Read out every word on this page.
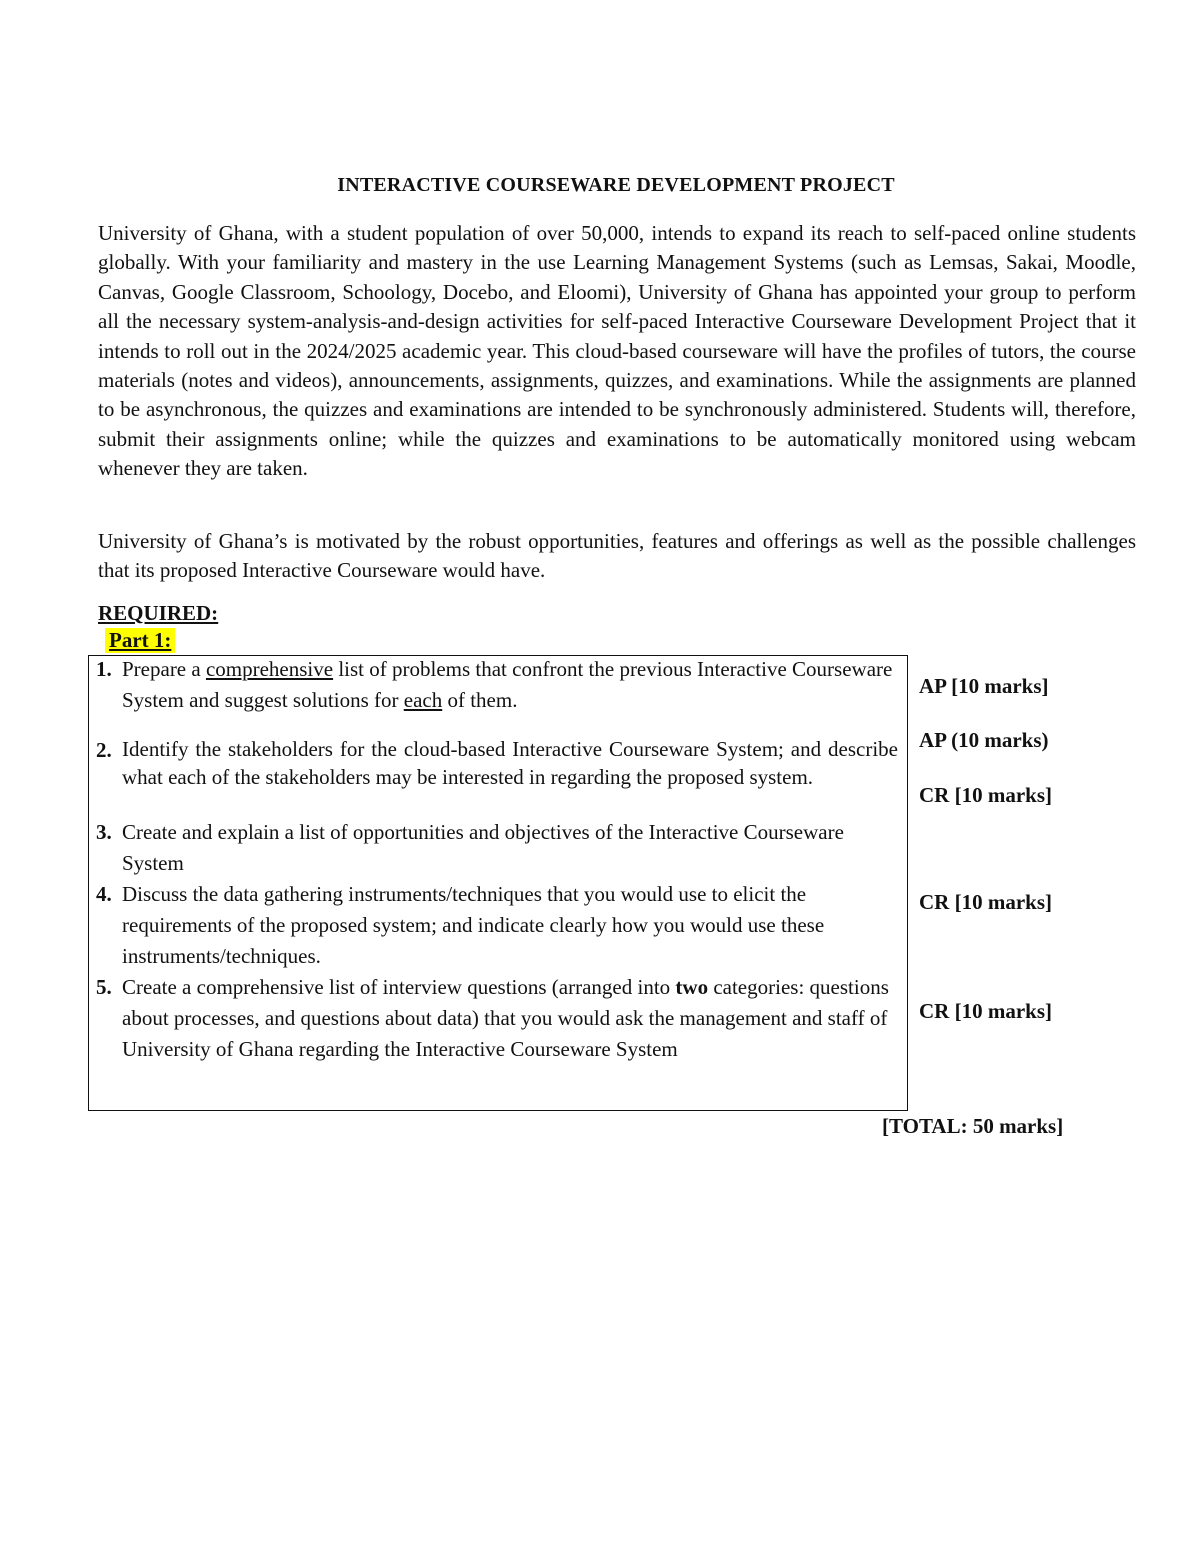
INTERACTIVE COURSEWARE DEVELOPMENT PROJECT

University of Ghana, with a student population of over 50,000, intends to expand its reach to self-paced online students globally. With your familiarity and mastery in the use Learning Management Systems (such as Lemsas, Sakai, Moodle, Canvas, Google Classroom, Schoology, Docebo, and Eloomi), University of Ghana has appointed your group to perform all the necessary system-analysis-and-design activities for self-paced Interactive Courseware Development Project that it intends to roll out in the 2024/2025 academic year. This cloud-based courseware will have the profiles of tutors, the course materials (notes and videos), announcements, assignments, quizzes, and examinations. While the assignments are planned to be asynchronous, the quizzes and examinations are intended to be synchronously administered. Students will, therefore, submit their assignments online; while the quizzes and examinations to be automatically monitored using webcam whenever they are taken.

University of Ghana’s is motivated by the robust opportunities, features and offerings as well as the possible challenges that its proposed Interactive Courseware would have.

REQUIRED:
Part 1:
1. Prepare a comprehensive list of problems that confront the previous Interactive Courseware System and suggest solutions for each of them.
2. Identify the stakeholders for the cloud-based Interactive Courseware System; and describe what each of the stakeholders may be interested in regarding the proposed system.
3. Create and explain a list of opportunities and objectives of the Interactive Courseware System
4. Discuss the data gathering instruments/techniques that you would use to elicit the requirements of the proposed system; and indicate clearly how you would use these instruments/techniques.
5. Create a comprehensive list of interview questions (arranged into two categories: questions about processes, and questions about data) that you would ask the management and staff of University of Ghana regarding the Interactive Courseware System
AP [10 marks]
AP (10 marks)
CR [10 marks]
CR [10 marks]
CR [10 marks]
[TOTAL: 50 marks]
